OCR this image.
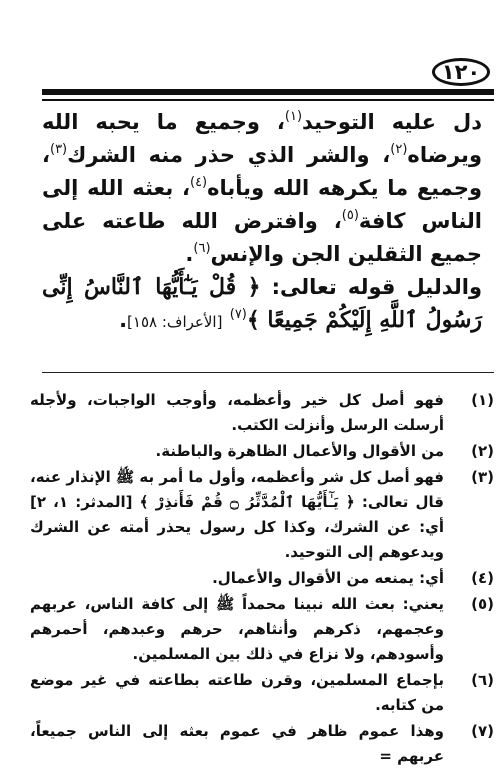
١٢٠

دل عليه التوحيد$^{(١)}$، وجميع ما يحبه الله ويرضاه$^{(٢)}$، والشر الذي حذر منه الشرك$^{(٣)}$، وجميع ما يكرهه الله ويأباه$^{(٤)}$، بعثه الله إلى الناس كافة$^{(٥)}$، وافترض الله طاعته على جميع الثقلين الجن والإنس$^{(٦)}$.

والدليل قوله تعالى: ﴿ قُلْ يَـٰٓأَيُّهَا ٱلنَّاسُ إِنِّى رَسُولُ ٱللَّهِ إِلَيْكُمْ جَمِيعًا ﴾$^{(٧)}$ [الأعراف: ١٥٨].

(١)
فهو أصل كل خير وأعظمه، وأوجب الواجبات، ولأجله أرسلت الرسل وأنزلت الكتب.
(٢)
من الأقوال والأعمال الظاهرة والباطنة.
(٣)
فهو أصل كل شر وأعظمه، وأول ما أمر به ﷺ الإنذار عنه، قال تعالى: ﴿ يَـٰٓأَيُّهَا ٱلْمُدَّثِّرُ ۝ قُمْ فَأَنذِرْ ﴾ [المدثر: ١، ٢] أي: عن الشرك، وكذا كل رسول يحذر أمته عن الشرك ويدعوهم إلى التوحيد.
(٤)
أي: يمنعه من الأقوال والأعمال.
(٥)
يعني: بعث الله نبينا محمداً ﷺ إلى كافة الناس، عربهم وعجمهم، ذكرهم وأنثاهم، حرهم وعبدهم، أحمرهم وأسودهم، ولا نزاع في ذلك بين المسلمين.
(٦)
بإجماع المسلمين، وقرن طاعته بطاعته في غير موضع من كتابه.
(٧)
وهذا عموم ظاهر في عموم بعثه إلى الناس جميعاً، عربهم =
